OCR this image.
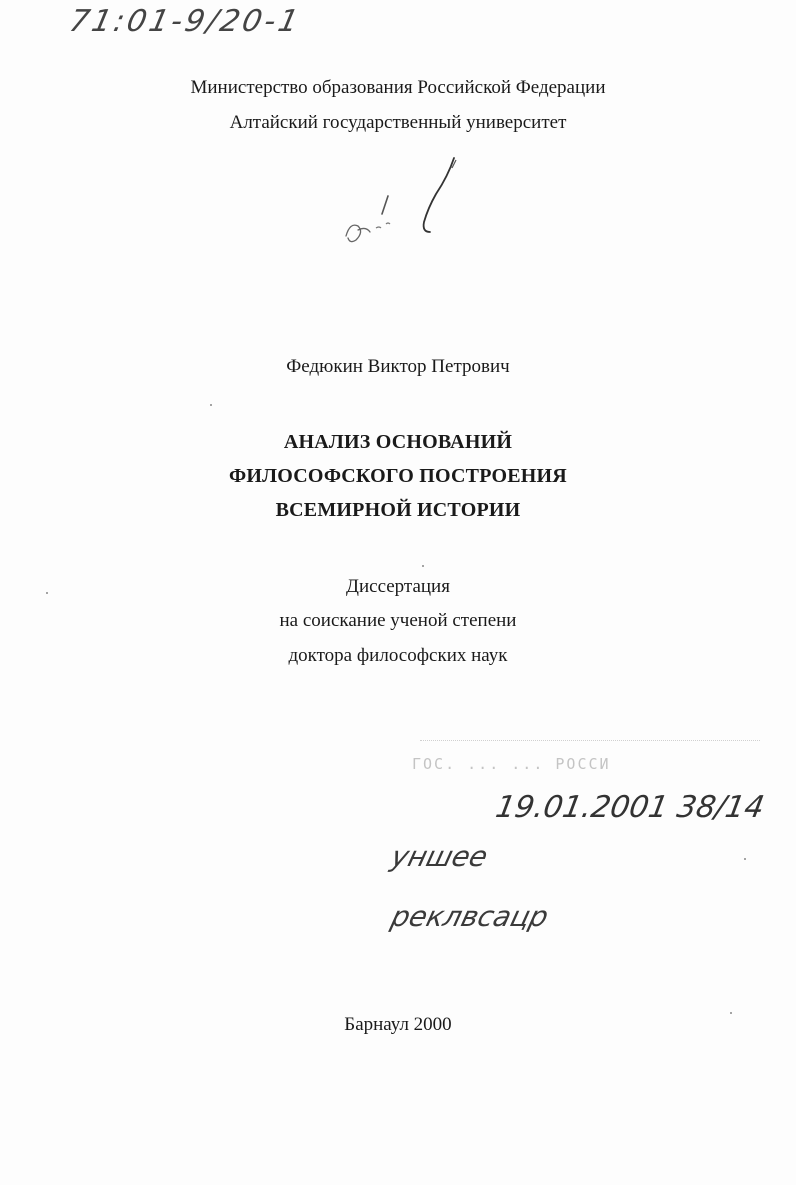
71:01-9/20-1
Министерство образования Российской Федерации
Алтайский государственный университет
Федюкин Виктор Петрович
АНАЛИЗ ОСНОВАНИЙ
ФИЛОСОФСКОГО ПОСТРОЕНИЯ
ВСЕМИРНОЙ ИСТОРИИ
Диссертация
на соискание ученой степени
доктора философских наук
ГОС. ... ... РОССИ
19.01.2001 38/14
уншее
реклвсацp
Барнаул 2000
